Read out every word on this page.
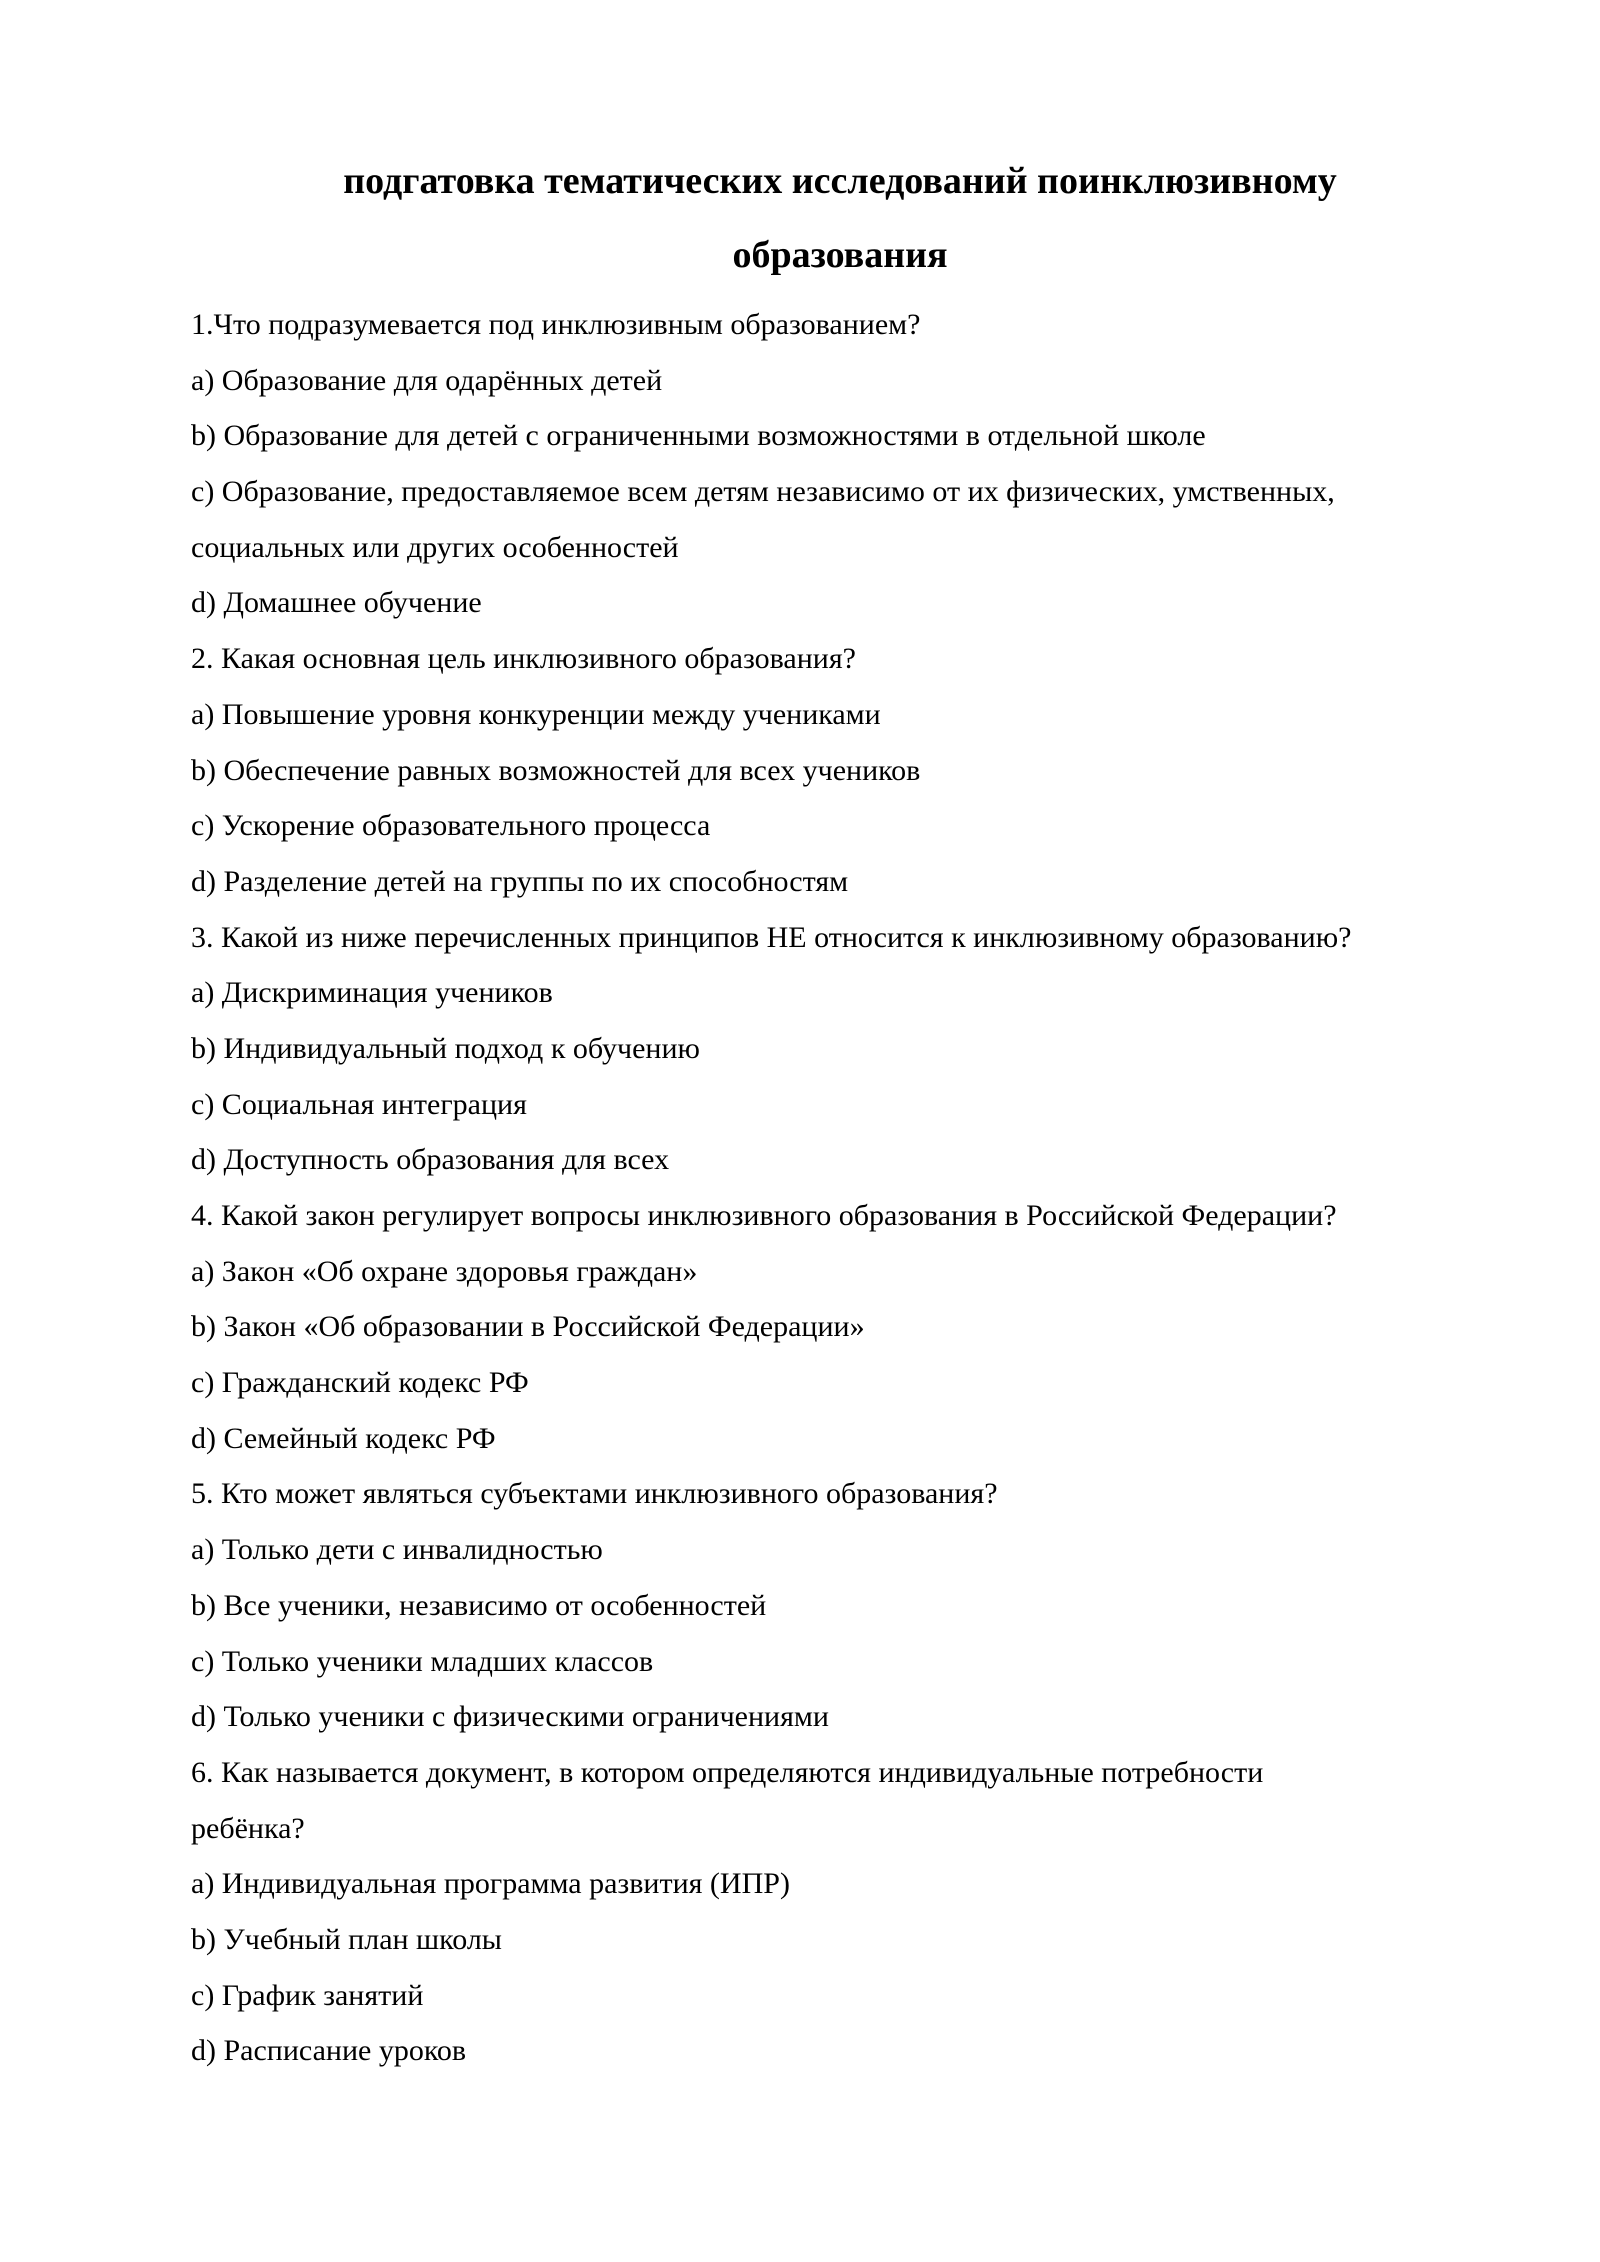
подгатовка тематических исследований поинклюзивному
образования
1.Что подразумевается под инклюзивным образованием?
a) Образование для одарённых детей
b) Образование для детей с ограниченными возможностями в отдельной школе
c) Образование, предоставляемое всем детям независимо от их физических, умственных,
социальных или других особенностей
d) Домашнее обучение
2. Какая основная цель инклюзивного образования?
a) Повышение уровня конкуренции между учениками
b) Обеспечение равных возможностей для всех учеников
c) Ускорение образовательного процесса
d) Разделение детей на группы по их способностям
3. Какой из ниже перечисленных принципов НЕ относится к инклюзивному образованию?
a) Дискриминация учеников
b) Индивидуальный подход к обучению
c) Социальная интеграция
d) Доступность образования для всех
4. Какой закон регулирует вопросы инклюзивного образования в Российской Федерации?
a) Закон «Об охране здоровья граждан»
b) Закон «Об образовании в Российской Федерации»
c) Гражданский кодекс РФ
d) Семейный кодекс РФ
5. Кто может являться субъектами инклюзивного образования?
a) Только дети с инвалидностью
b) Все ученики, независимо от особенностей
c) Только ученики младших классов
d) Только ученики с физическими ограничениями
6. Как называется документ, в котором определяются индивидуальные потребности
ребёнка?
a) Индивидуальная программа развития (ИПР)
b) Учебный план школы
c) График занятий
d) Расписание уроков
